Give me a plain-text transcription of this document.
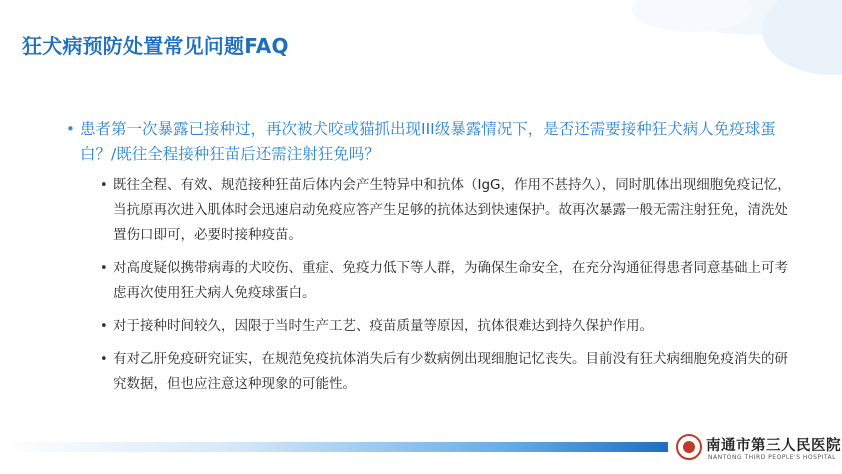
狂犬病预防处置常见问题FAQ
• 患者第一次暴露已接种过，再次被犬咬或猫抓出现III级暴露情况下，是否还需要接种狂犬病人免疫球蛋白？/既往全程接种狂苗后还需注射狂免吗？
• 既往全程、有效、规范接种狂苗后体内会产生特异中和抗体（IgG，作用不甚持久），同时肌体出现细胞免疫记忆，当抗原再次进入肌体时会迅速启动免疫应答产生足够的抗体达到快速保护。故再次暴露一般无需注射狂免，清洗处置伤口即可，必要时接种疫苗。
• 对高度疑似携带病毒的犬咬伤、重症、免疫力低下等人群，为确保生命安全，在充分沟通征得患者同意基础上可考虑再次使用狂犬病人免疫球蛋白。
• 对于接种时间较久，因限于当时生产工艺、疫苗质量等原因，抗体很难达到持久保护作用。
• 有对乙肝免疫研究证实，在规范免疫抗体消失后有少数病例出现细胞记忆丧失。目前没有狂犬病细胞免疫消失的研究数据，但也应注意这种现象的可能性。
南通市第三人民医院
NANTONG THIRD PEOPLE'S HOSPITAL
